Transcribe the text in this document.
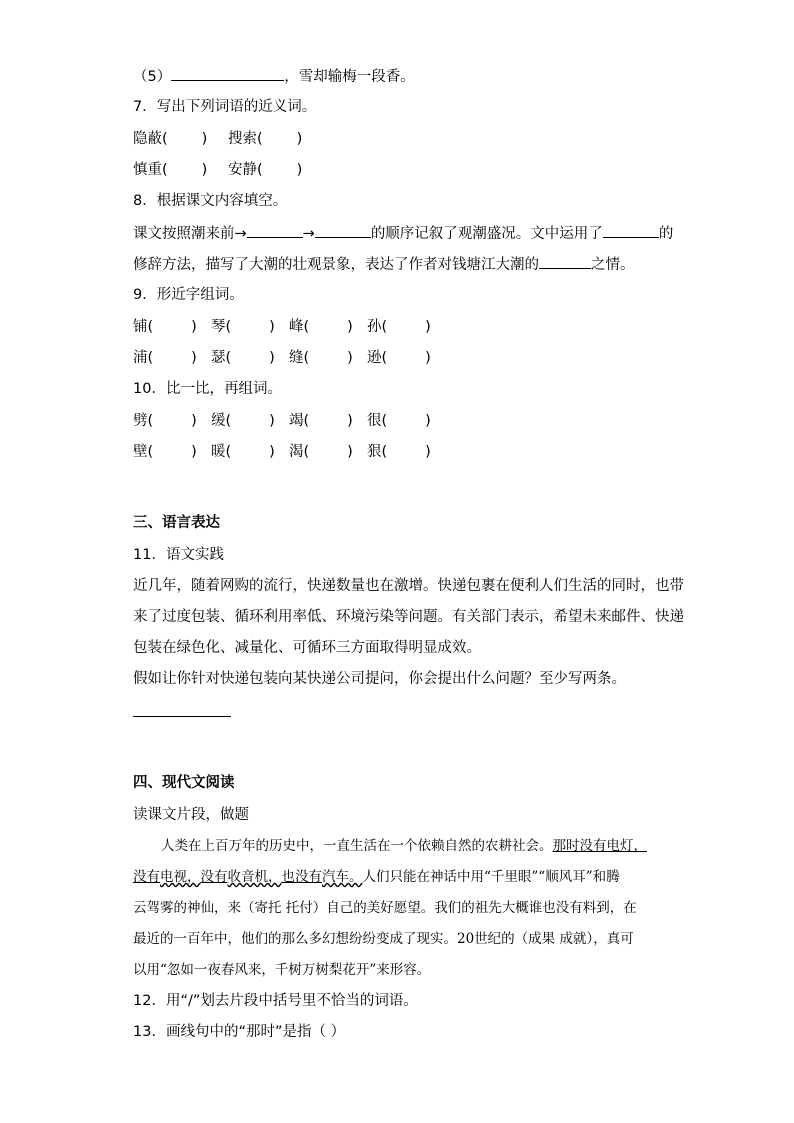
（5）	，雪却输梅一段香。
7．写出下列词语的近义词。
隐蔽( ) 搜索( )
慎重( ) 安静( )
8．根据课文内容填空。
课文按照潮来前→	→	的顺序记叙了观潮盛况。文中运用了	的
修辞方法，描写了大潮的壮观景象，表达了作者对钱塘江大潮的	之情。
9．形近字组词。
铺(	) 琴(	) 峰(	) 孙(	)
浦(	) 瑟(	) 缝(	) 逊(	)
10．比一比，再组词。
劈(	) 缓(	) 竭(	) 很(	)
壁(	) 暖(	) 渴(	) 狠(	)
三、语言表达
11．语文实践
近几年，随着网购的流行，快递数量也在激增。快递包裹在便利人们生活的同时，也带
来了过度包装、循环利用率低、环境污染等问题。有关部门表示，希望未来邮件、快递
包装在绿色化、减量化、可循环三方面取得明显成效。
假如让你针对快递包装向某快递公司提问，你会提出什么问题？至少写两条。
四、现代文阅读
读课文片段，做题
人类在上百万年的历史中，一直生活在一个依赖自然的农耕社会。那时没有电灯，
没有电视，没有收音机，也没有汽车。人们只能在神话中用“千里眼”“顺风耳”和腾
云驾雾的神仙，来（寄托 托付）自己的美好愿望。我们的祖先大概谁也没有料到，在
最近的一百年中，他们的那么多幻想纷纷变成了现实。20世纪的（成果 成就），真可
以用“忽如一夜春风来，千树万树梨花开”来形容。
12．用“/”划去片段中括号里不恰当的词语。
13．画线句中的“那时”是指（ ）
